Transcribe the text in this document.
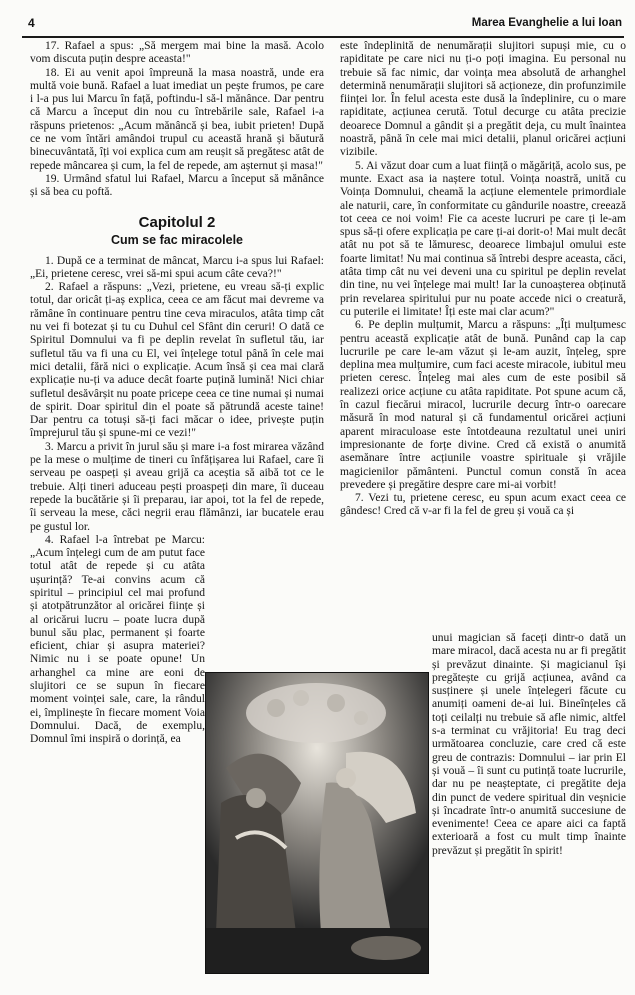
4	Marea Evanghelie a lui Ioan

17. Rafael a spus: „Să mergem mai bine la masă. Acolo vom discuta puțin despre aceasta!"

18. Ei au venit apoi împreună la masa noastră, unde era multă voie bună. Rafael a luat imediat un pește frumos, pe care i l-a pus lui Marcu în față, poftindu-l să-l mănânce. Dar pentru că Marcu a început din nou cu întrebările sale, Rafael i-a răspuns prietenos: „Acum mănâncă și bea, iubit prieten! După ce ne vom întări amândoi trupul cu această hrană și băutură binecuvântată, îți voi explica cum am reușit să pregătesc atât de repede mâncarea și cum, la fel de repede, am așternut și masa!"

19. Urmând sfatul lui Rafael, Marcu a început să mănânce și să bea cu poftă.

Capitolul 2
Cum se fac miracolele

1. După ce a terminat de mâncat, Marcu i-a spus lui Rafael: „Ei, prietene ceresc, vrei să-mi spui acum câte ceva?!"

2. Rafael a răspuns: „Vezi, prietene, eu vreau să-ți explic totul, dar oricât ți-aș explica, ceea ce am făcut mai devreme va rămâne în continuare pentru tine ceva miraculos, atâta timp cât nu vei fi botezat și tu cu Duhul cel Sfânt din ceruri! O dată ce Spiritul Domnului va fi pe deplin revelat în sufletul tău, iar sufletul tău va fi una cu El, vei înțelege totul până în cele mai mici detalii, fără nici o explicație. Acum însă și cea mai clară explicație nu-ți va aduce decât foarte puțină lumină! Nici chiar sufletul desăvârșit nu poate pricepe ceea ce tine numai și numai de spirit. Doar spiritul din el poate să pătrundă aceste taine! Dar pentru ca totuși să-ți faci măcar o idee, privește puțin împrejurul tău și spune-mi ce vezi!"

3. Marcu a privit în jurul său și mare i-a fost mirarea văzând pe la mese o mulțime de tineri cu înfățișarea lui Rafael, care îi serveau pe oaspeți și aveau grijă ca aceștia să aibă tot ce le trebuie. Alți tineri aduceau pești proaspeți din mare, îi duceau repede la bucătărie și îi preparau, iar apoi, tot la fel de repede, îi serveau la mese, căci negrii erau flămânzi, iar bucatele erau pe gustul lor.

4. Rafael l-a întrebat pe Marcu: „Acum înțelegi cum de am putut face totul atât de repede și cu atâta ușurință? Te-ai convins acum că spiritul – principiul cel mai profund și atotpătrunzător al oricărei ființe și al oricărui lucru – poate lucra după bunul său plac, permanent și foarte eficient, chiar și asupra materiei? Nimic nu i se poate opune! Un arhanghel ca mine are eoni de slujitori ce se supun în fiecare moment voinței sale, care, la rândul ei, împlinește în fiecare moment Voia Domnului. Dacă, de exemplu, Domnul îmi inspiră o dorință, ea

este îndeplinită de nenumărații slujitori supuși mie, cu o rapiditate pe care nici nu ți-o poți imagina. Eu personal nu trebuie să fac nimic, dar voința mea absolută de arhanghel determină nenumărații slujitori să acționeze, din profunzimile ființei lor. În felul acesta este dusă la îndeplinire, cu o mare rapiditate, acțiunea cerută. Totul decurge cu atâta precizie deoarece Domnul a gândit și a pregătit deja, cu mult înaintea noastră, până în cele mai mici detalii, planul oricărei acțiuni vizibile.

5. Ai văzut doar cum a luat ființă o măgăriță, acolo sus, pe munte. Exact asa ia naștere totul. Voința noastră, unită cu Voința Domnului, cheamă la acțiune elementele primordiale ale naturii, care, în conformitate cu gândurile noastre, creează tot ceea ce noi voim! Fie ca aceste lucruri pe care ți le-am spus să-ți ofere explicația pe care ți-ai dorit-o! Mai mult decât atât nu pot să te lămuresc, deoarece limbajul omului este foarte limitat! Nu mai continua să întrebi despre aceasta, căci, atâta timp cât nu vei deveni una cu spiritul pe deplin revelat din tine, nu vei înțelege mai mult! Iar la cunoașterea obținută prin revelarea spiritului pur nu poate accede nici o creatură, cu puterile ei limitate! Îți este mai clar acum?"

6. Pe deplin mulțumit, Marcu a răspuns: „Îți mulțumesc pentru această explicație atât de bună. Punând cap la cap lucrurile pe care le-am văzut și le-am auzit, înțeleg, spre deplina mea mulțumire, cum faci aceste miracole, iubitul meu prieten ceresc. Înțeleg mai ales cum de este posibil să realizezi orice acțiune cu atâta rapiditate. Pot spune acum că, în cazul fiecărui miracol, lucrurile decurg într-o oarecare măsură în mod natural și că fundamentul oricărei acțiuni aparent miraculoase este întotdeauna rezultatul unei uniri impresionante de forțe divine. Cred că există o anumită asemănare între acțiunile voastre spirituale și vrăjile magicienilor pământeni. Punctul comun constă în acea prevedere și pregătire despre care mi-ai vorbit!

7. Vezi tu, prietene ceresc, eu spun acum exact ceea ce gândesc! Cred că v-ar fi la fel de greu și vouă ca și

unui magician să faceți dintr-o dată un mare miracol, dacă acesta nu ar fi pregătit și prevăzut dinainte. Și magicianul își pregătește cu grijă acțiunea, având ca susținere și unele înțelegeri făcute cu anumiți oameni de-ai lui. Bineînțeles că toți ceilalți nu trebuie să afle nimic, altfel s-a terminat cu vrăjitoria! Eu trag deci următoarea concluzie, care cred că este greu de contrazis: Domnului – iar prin El și vouă – îi sunt cu putință toate lucrurile, dar nu pe neașteptate, ci pregătite deja din punct de vedere spiritual din veșnicie și încadrate într-o anumită succesiune de evenimente! Ceea ce apare aici ca faptă exterioară a fost cu mult timp înainte prevăzut și pregătit în spirit!
